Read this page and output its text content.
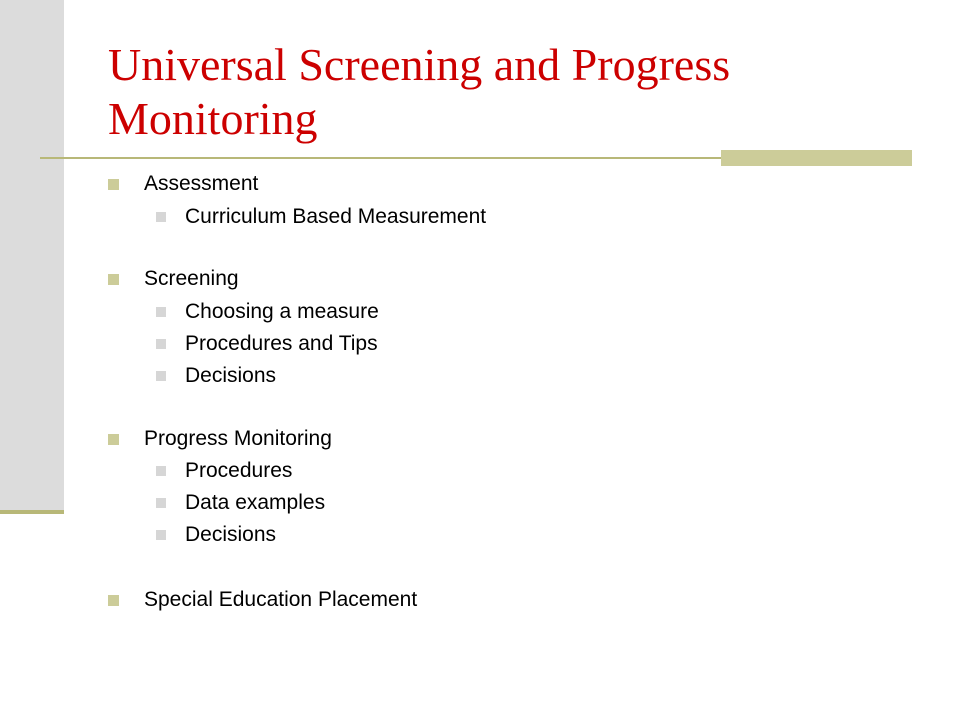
Universal Screening and Progress Monitoring
Assessment
Curriculum Based Measurement
Screening
Choosing a measure
Procedures and Tips
Decisions
Progress Monitoring
Procedures
Data examples
Decisions
Special Education Placement
